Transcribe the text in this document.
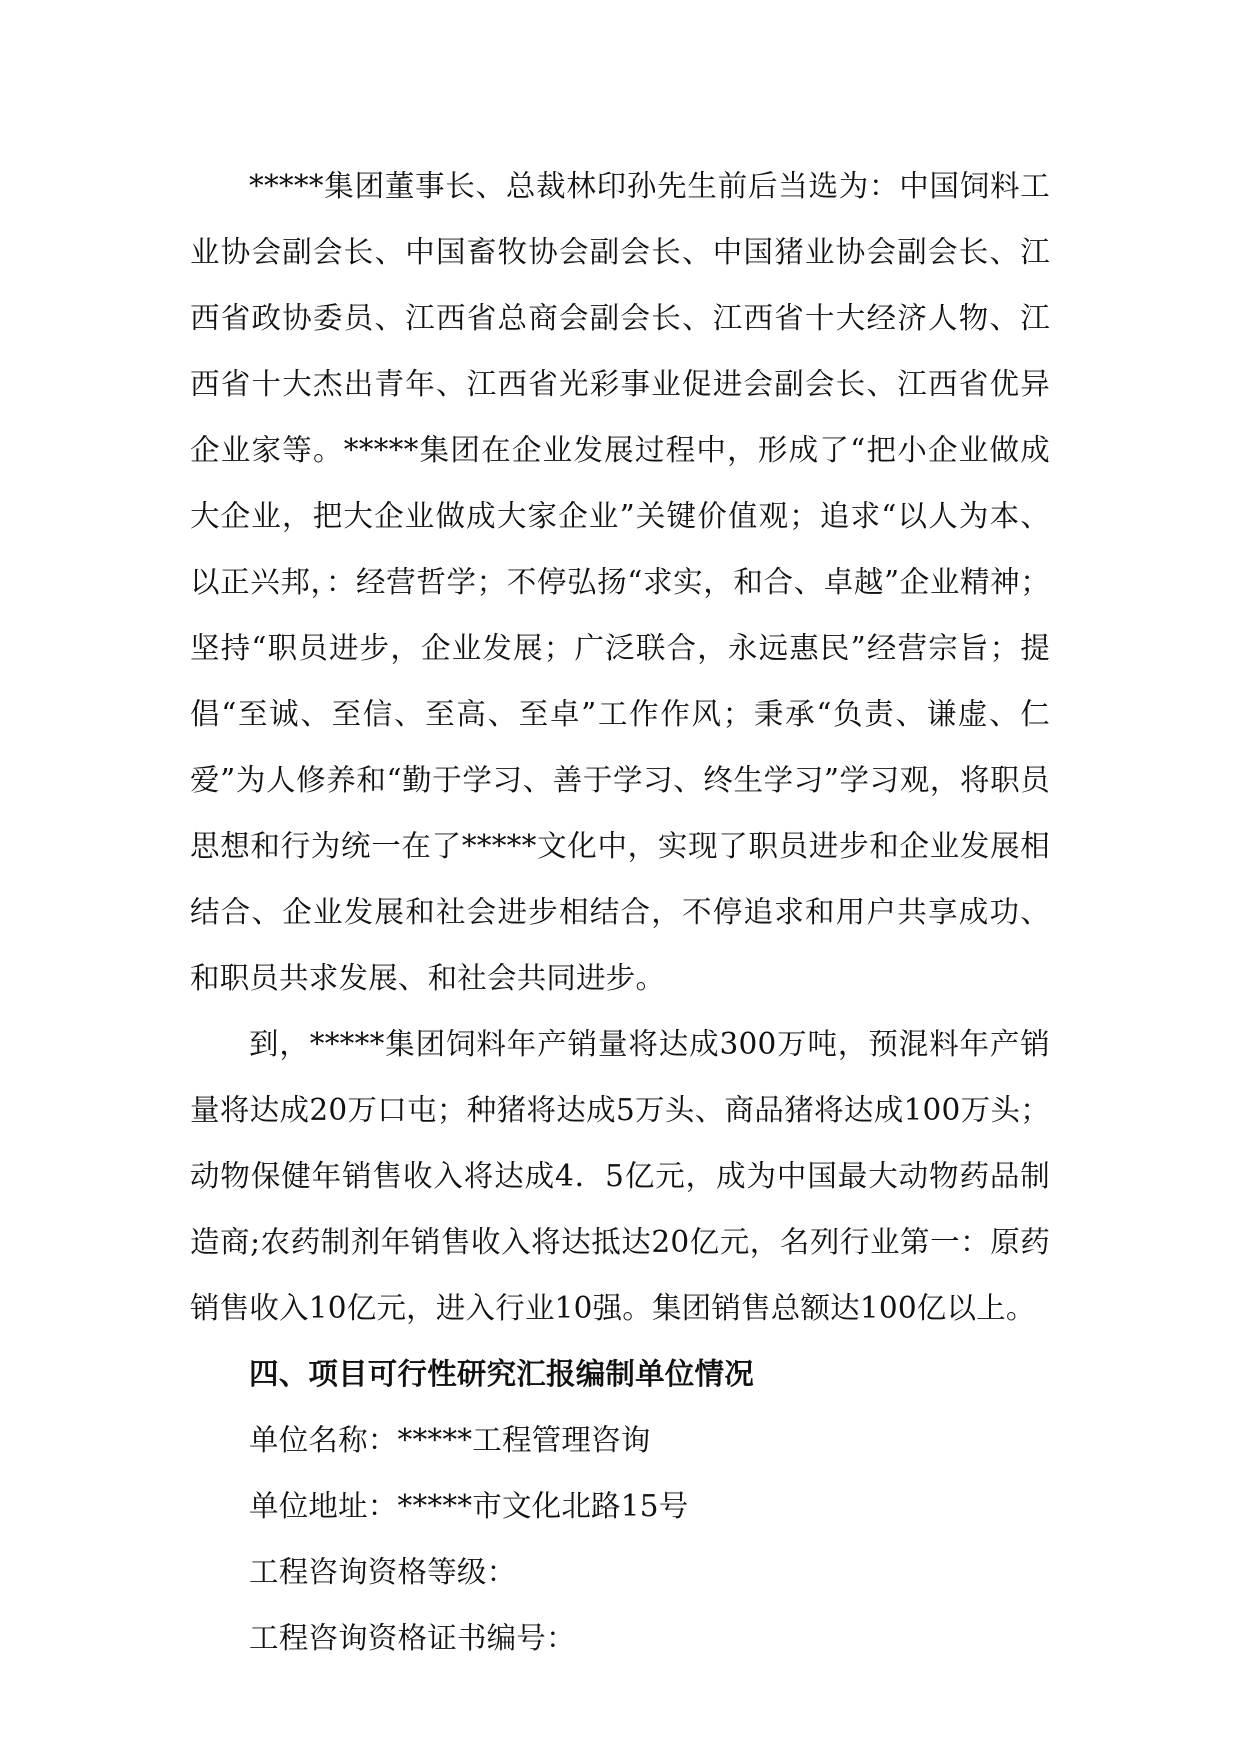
*****集团董事长、总裁林印孙先生前后当选为：中国饲料工业协会副会长、中国畜牧协会副会长、中国猪业协会副会长、江西省政协委员、江西省总商会副会长、江西省十大经济人物、江西省十大杰出青年、江西省光彩事业促进会副会长、江西省优异企业家等。*****集团在企业发展过程中，形成了“把小企业做成大企业，把大企业做成大家企业”关键价值观；追求“以人为本、以正兴邦，：经营哲学；不停弘扬“求实，和合、卓越”企业精神；坚持“职员进步，企业发展；广泛联合，永远惠民”经营宗旨；提倡“至诚、至信、至高、至卓”工作作风；秉承“负责、谦虚、仁爱”为人修养和“勤于学习、善于学习、终生学习”学习观，将职员思想和行为统一在了*****文化中，实现了职员进步和企业发展相结合、企业发展和社会进步相结合，不停追求和用户共享成功、和职员共求发展、和社会共同进步。

到，*****集团饲料年产销量将达成300万吨，预混料年产销量将达成20万口屯；种猪将达成5万头、商品猪将达成100万头；动物保健年销售收入将达成4．5亿元，成为中国最大动物药品制造商;农药制剂年销售收入将达抵达20亿元，名列行业第一：原药销售收入10亿元，进入行业10强。集团销售总额达100亿以上。

四、项目可行性研究汇报编制单位情况

单位名称：*****工程管理咨询

单位地址：*****市文化北路15号

工程咨询资格等级：

工程咨询资格证书编号：
